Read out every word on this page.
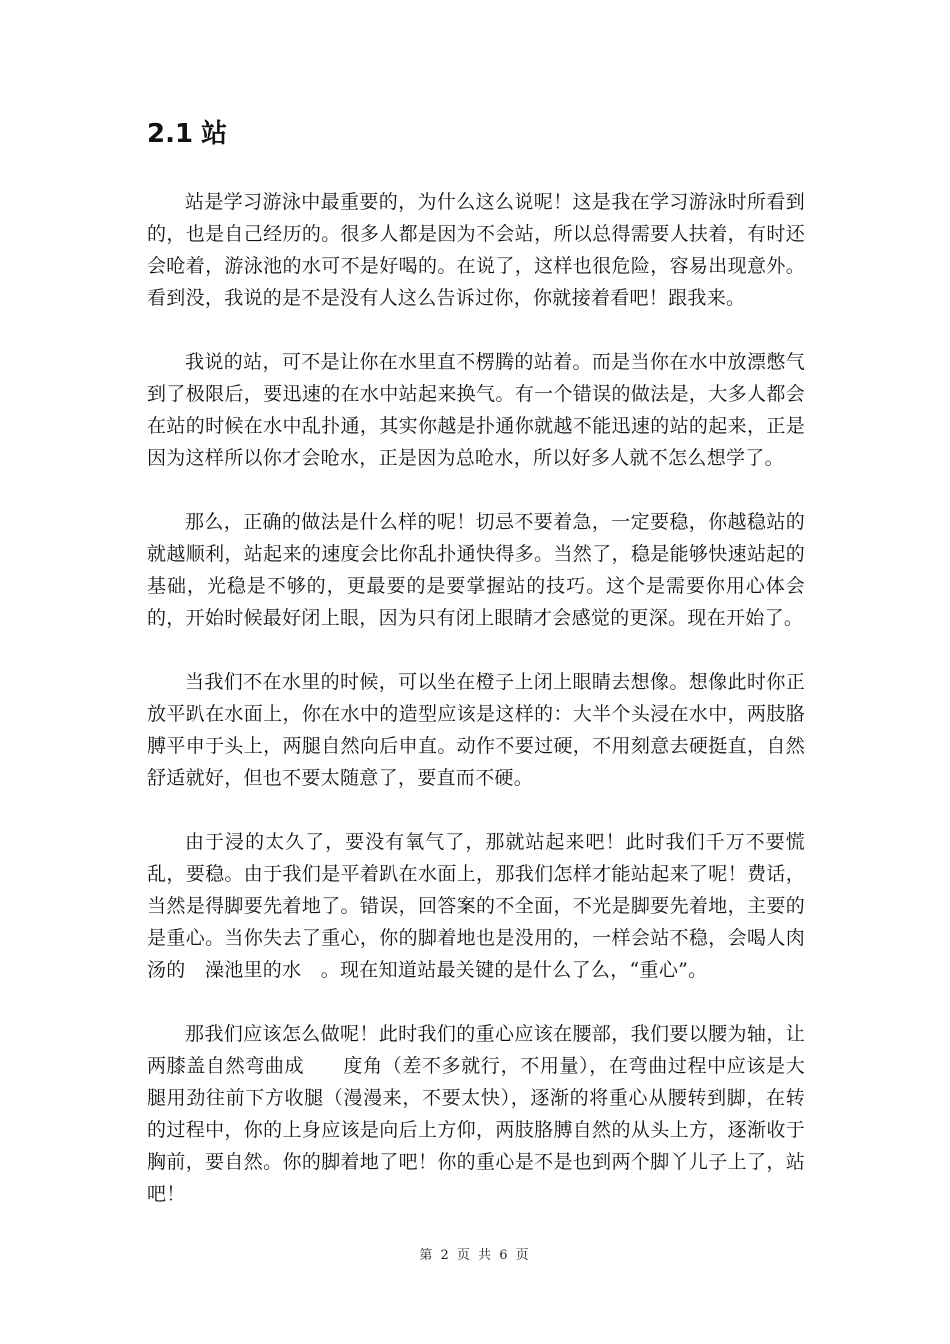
2.1 站

站是学习游泳中最重要的，为什么这么说呢！这是我在学习游泳时所看到的，也是自己经历的。很多人都是因为不会站，所以总得需要人扶着，有时还会呛着，游泳池的水可不是好喝的。在说了，这样也很危险，容易出现意外。看到没，我说的是不是没有人这么告诉过你，你就接着看吧！跟我来。

我说的站，可不是让你在水里直不楞腾的站着。而是当你在水中放漂憋气到了极限后，要迅速的在水中站起来换气。有一个错误的做法是，大多人都会在站的时候在水中乱扑通，其实你越是扑通你就越不能迅速的站的起来，正是因为这样所以你才会呛水，正是因为总呛水，所以好多人就不怎么想学了。

那么，正确的做法是什么样的呢！切忌不要着急，一定要稳，你越稳站的就越顺利，站起来的速度会比你乱扑通快得多。当然了，稳是能够快速站起的基础，光稳是不够的，更最要的是要掌握站的技巧。这个是需要你用心体会的，开始时候最好闭上眼，因为只有闭上眼睛才会感觉的更深。现在开始了。

当我们不在水里的时候，可以坐在橙子上闭上眼睛去想像。想像此时你正放平趴在水面上，你在水中的造型应该是这样的：大半个头浸在水中，两肢胳膊平申于头上，两腿自然向后申直。动作不要过硬，不用刻意去硬挺直，自然舒适就好，但也不要太随意了，要直而不硬。

由于浸的太久了，要没有氧气了，那就站起来吧！此时我们千万不要慌乱，要稳。由于我们是平着趴在水面上，那我们怎样才能站起来了呢！费话，当然是得脚要先着地了。错误，回答案的不全面，不光是脚要先着地，主要的是重心。当你失去了重心，你的脚着地也是没用的，一样会站不稳，会喝人肉汤的　澡池里的水　。现在知道站最关键的是什么了么，“重心”。

那我们应该怎么做呢！此时我们的重心应该在腰部，我们要以腰为轴，让两膝盖自然弯曲成　　度角（差不多就行，不用量），在弯曲过程中应该是大腿用劲往前下方收腿（漫漫来，不要太快），逐渐的将重心从腰转到脚，在转的过程中，你的上身应该是向后上方仰，两肢胳膊自然的从头上方，逐渐收于胸前，要自然。你的脚着地了吧！你的重心是不是也到两个脚丫儿子上了，站吧！

第 2 页 共 6 页
